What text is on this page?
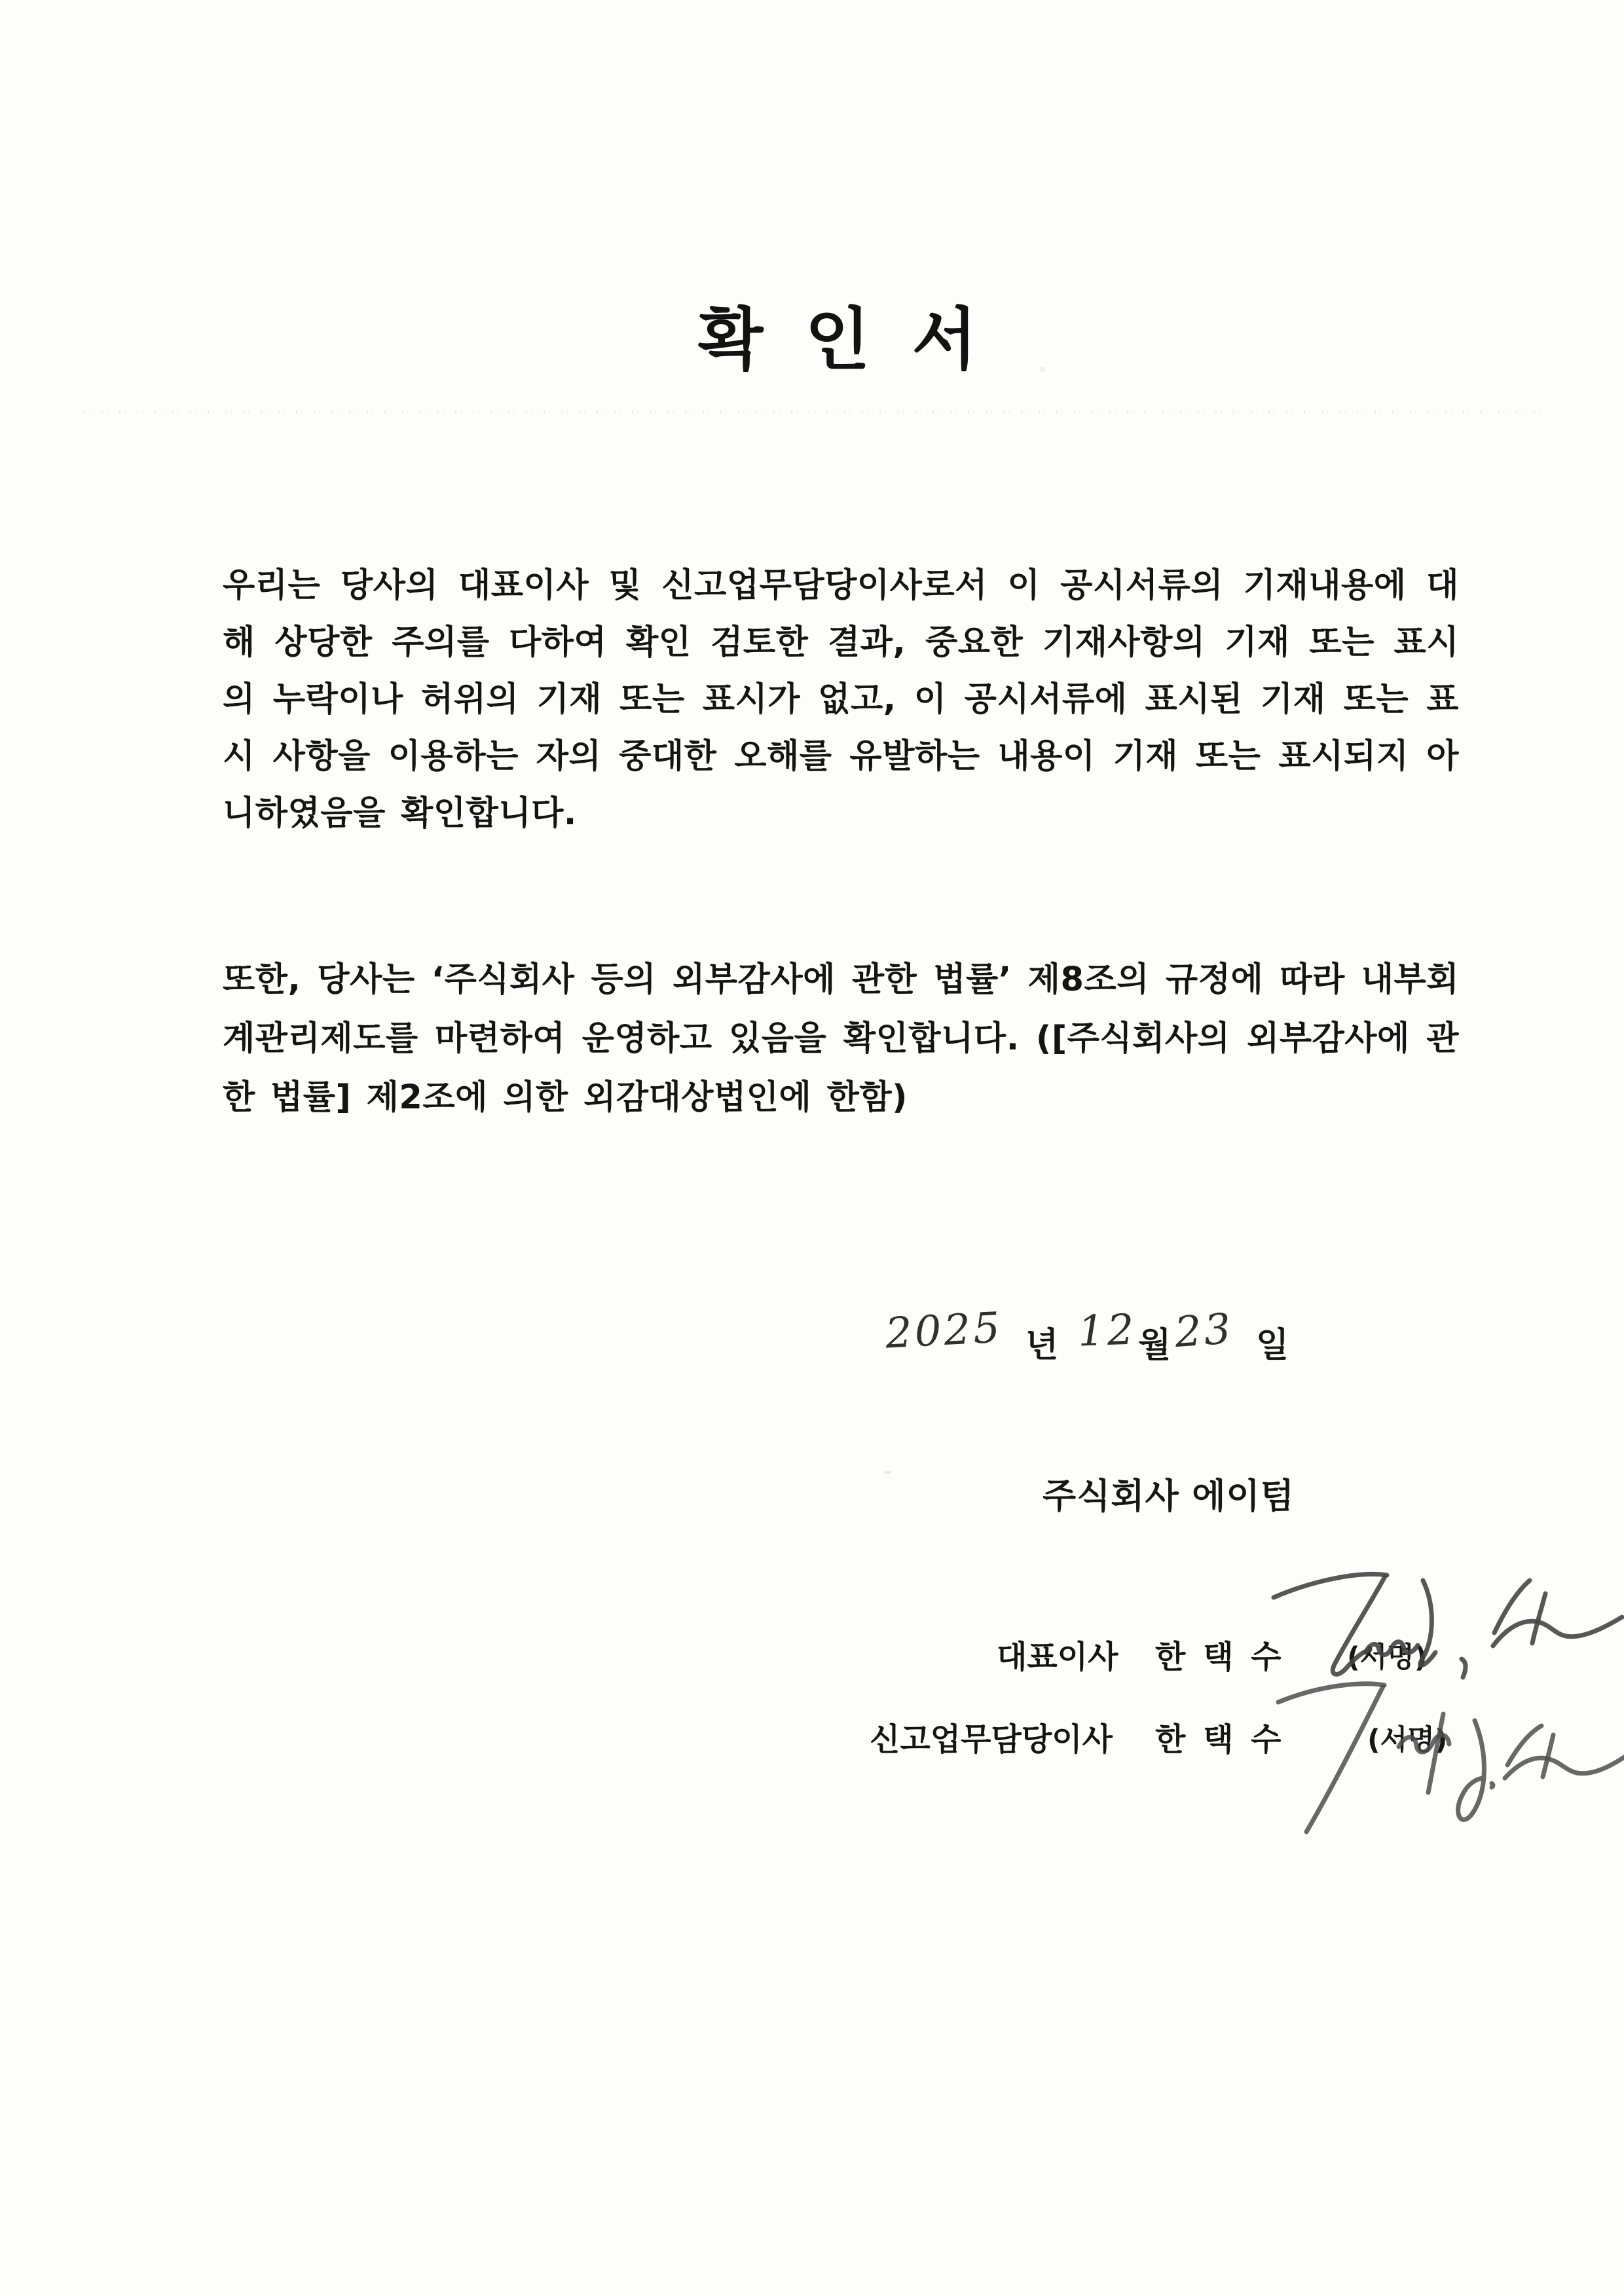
확 인 서
우리는 당사의 대표이사 및 신고업무담당이사로서 이 공시서류의 기재내용에 대
해 상당한 주의를 다하여 확인 검토한 결과, 중요한 기재사항의 기재 또는 표시
의 누락이나 허위의 기재 또는 표시가 없고, 이 공시서류에 표시된 기재 또는 표
시 사항을 이용하는 자의 중대한 오해를 유발하는 내용이 기재 또는 표시되지 아
니하였음을 확인합니다.
또한, 당사는 ‘주식회사 등의 외부감사에 관한 법률’ 제8조의 규정에 따라 내부회
계관리제도를 마련하여 운영하고 있음을 확인합니다. ([주식회사의 외부감사에 관
한 법률] 제2조에 의한 외감대상법인에 한함)
2025 년 12 월 23 일
주식회사 에이텀
대표이사 한 택 수 (서명)
신고업무담당이사 한 택 수	(서명)
